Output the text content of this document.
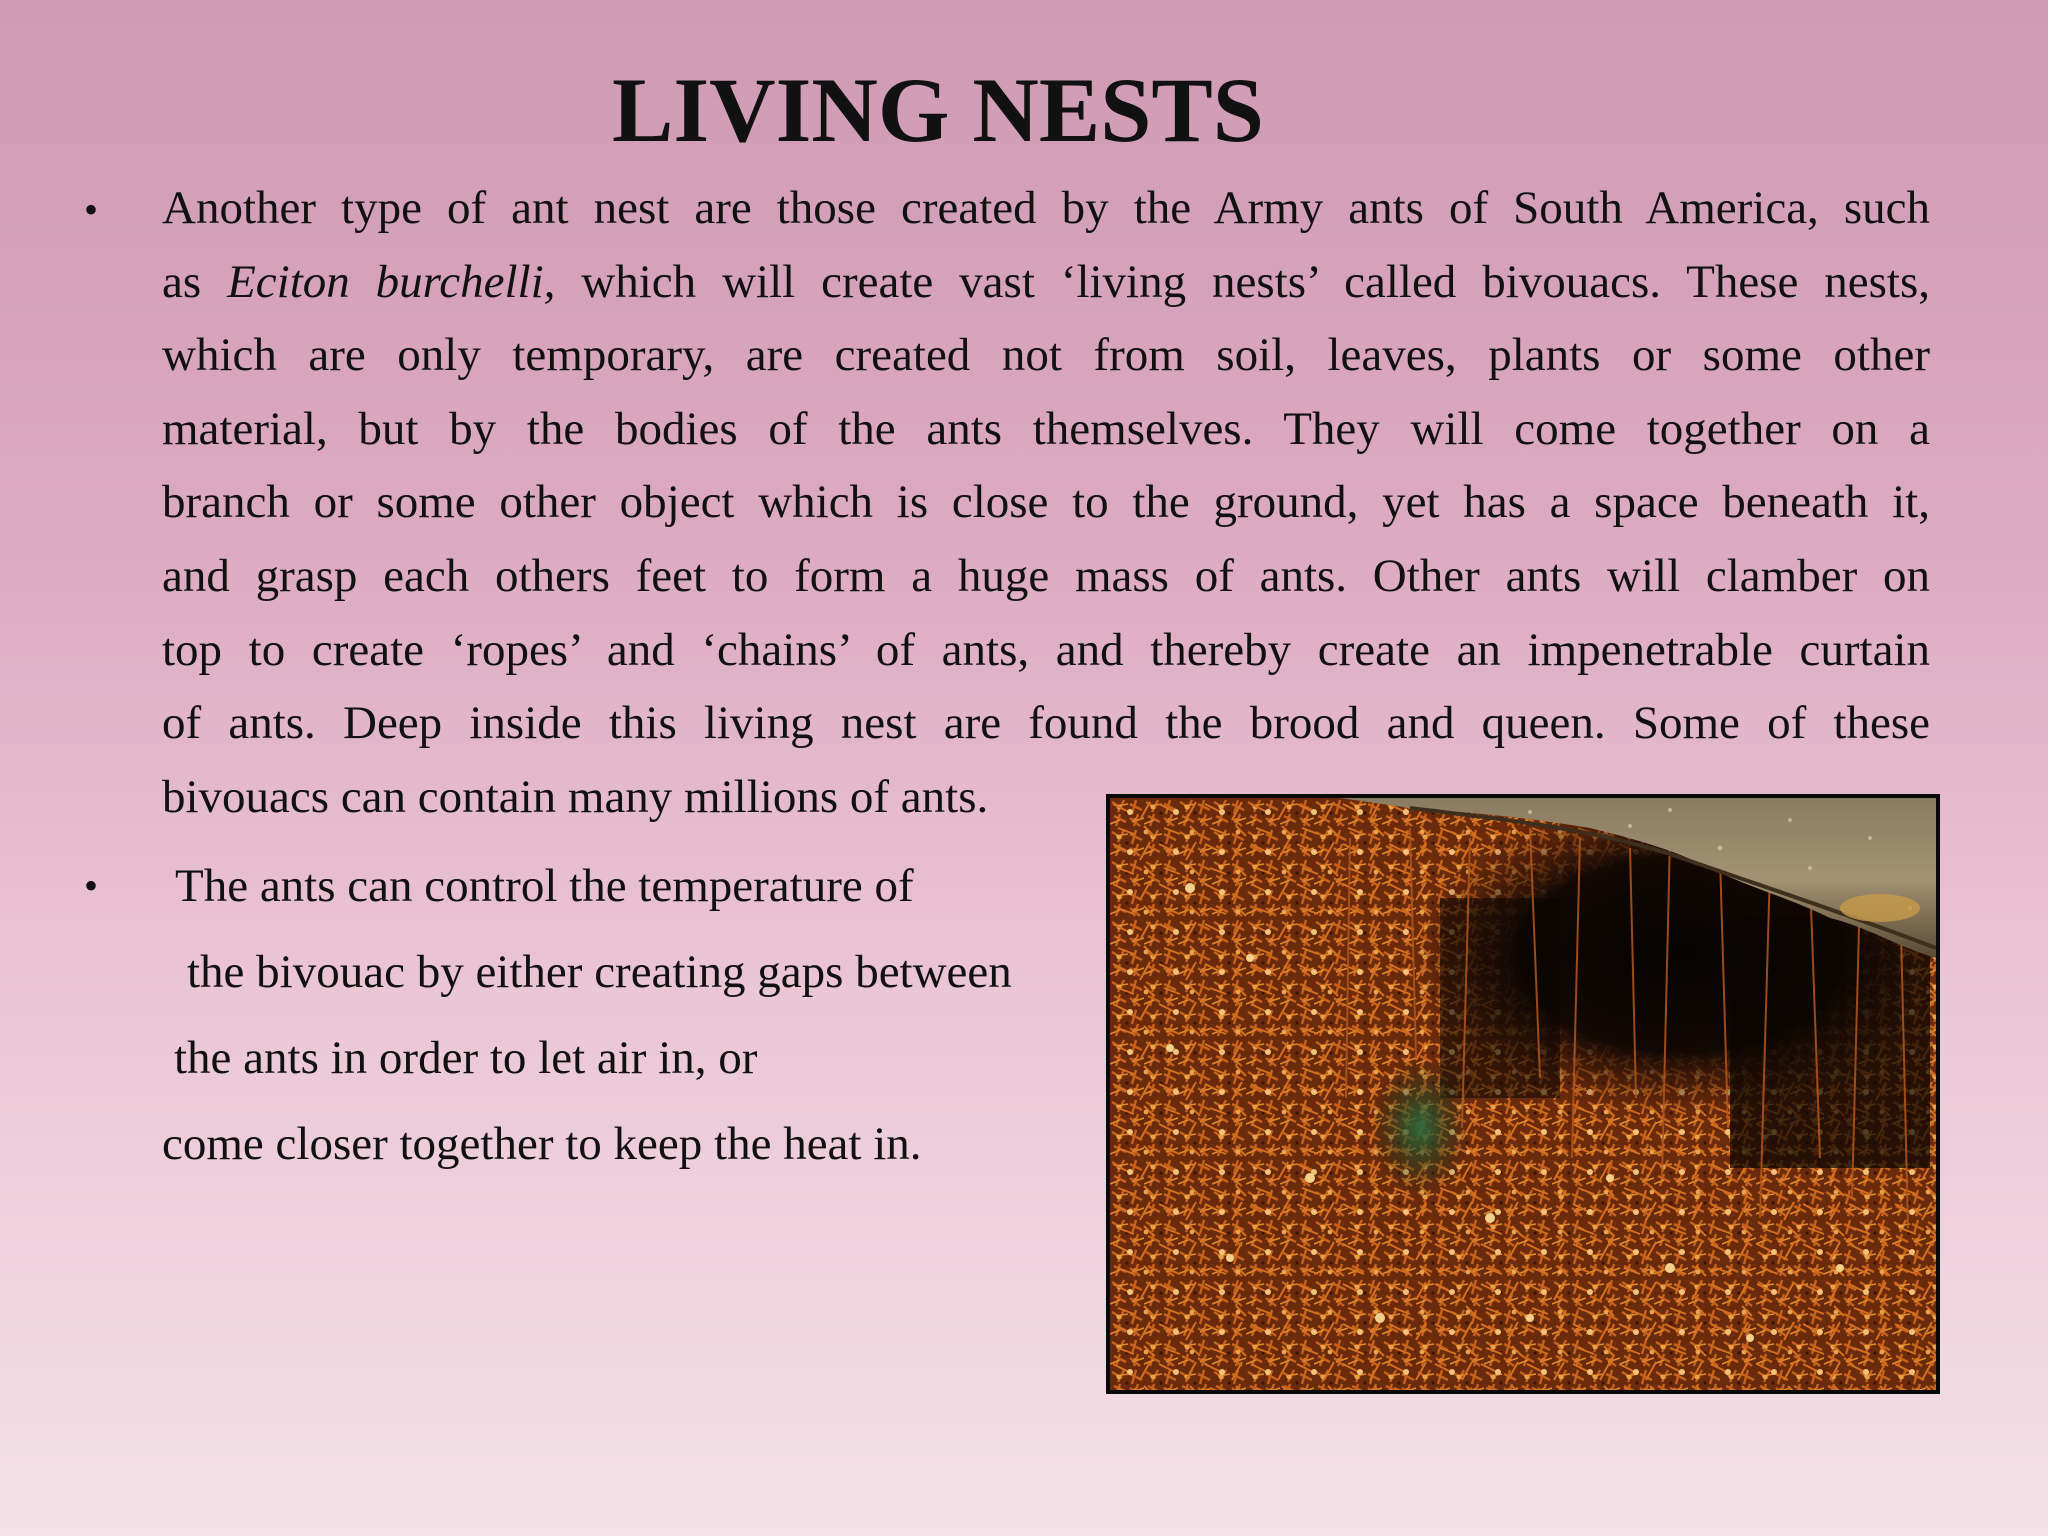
LIVING NESTS
• Another type of ant nest are those created by the Army ants of South America, such
as Eciton burchelli, which will create vast ‘living nests’ called bivouacs. These nests,
which are only temporary, are created not from soil, leaves, plants or some other
material, but by the bodies of the ants themselves. They will come together on a
branch or some other object which is close to the ground, yet has a space beneath it,
and grasp each others feet to form a huge mass of ants. Other ants will clamber on
top to create ‘ropes’ and ‘chains’ of ants, and thereby create an impenetrable curtain
of ants. Deep inside this living nest are found the brood and queen. Some of these
bivouacs can contain many millions of ants.
• The ants can control the temperature of
the bivouac by either creating gaps between
the ants in order to let air in, or
come closer together to keep the heat in.
